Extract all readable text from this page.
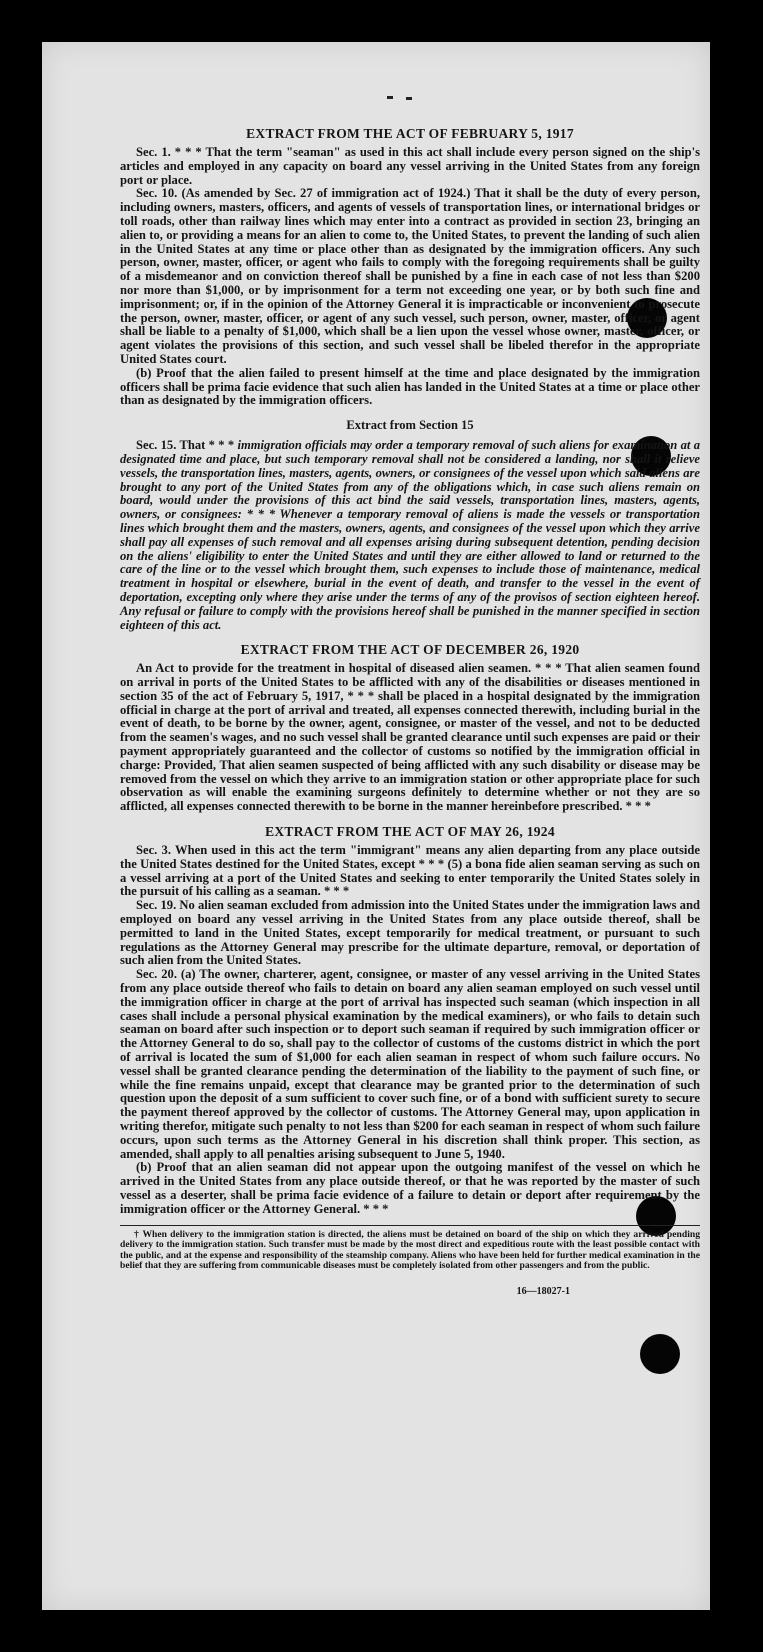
EXTRACT FROM THE ACT OF FEBRUARY 5, 1917

Sec. 1. * * * That the term "seaman" as used in this act shall include every person signed on the ship's articles and employed in any capacity on board any vessel arriving in the United States from any foreign port or place.

Sec. 10. (As amended by Sec. 27 of immigration act of 1924.) That it shall be the duty of every person, including owners, masters, officers, and agents of vessels of transportation lines, or international bridges or toll roads, other than railway lines which may enter into a contract as provided in section 23, bringing an alien to, or providing a means for an alien to come to, the United States, to prevent the landing of such alien in the United States at any time or place other than as designated by the immigration officers. Any such person, owner, master, officer, or agent who fails to comply with the foregoing requirements shall be guilty of a misdemeanor and on conviction thereof shall be punished by a fine in each case of not less than $200 nor more than $1,000, or by imprisonment for a term not exceeding one year, or by both such fine and imprisonment; or, if in the opinion of the Attorney General it is impracticable or inconvenient to prosecute the person, owner, master, officer, or agent of any such vessel, such person, owner, master, officer, or agent shall be liable to a penalty of $1,000, which shall be a lien upon the vessel whose owner, master, officer, or agent violates the provisions of this section, and such vessel shall be libeled therefor in the appropriate United States court.

(b) Proof that the alien failed to present himself at the time and place designated by the immigration officers shall be prima facie evidence that such alien has landed in the United States at a time or place other than as designated by the immigration officers.

Extract from Section 15

Sec. 15. That * * * immigration officials may order a temporary removal of such aliens for examination at a designated time and place, but such temporary removal shall not be considered a landing, nor shall it relieve vessels, the transportation lines, masters, agents, owners, or consignees of the vessel upon which said aliens are brought to any port of the United States from any of the obligations which, in case such aliens remain on board, would under the provisions of this act bind the said vessels, transportation lines, masters, agents, owners, or consignees: * * * Whenever a temporary removal of aliens is made the vessels or transportation lines which brought them and the masters, owners, agents, and consignees of the vessel upon which they arrive shall pay all expenses of such removal and all expenses arising during subsequent detention, pending decision on the aliens' eligibility to enter the United States and until they are either allowed to land or returned to the care of the line or to the vessel which brought them, such expenses to include those of maintenance, medical treatment in hospital or elsewhere, burial in the event of death, and transfer to the vessel in the event of deportation, excepting only where they arise under the terms of any of the provisos of section eighteen hereof. Any refusal or failure to comply with the provisions hereof shall be punished in the manner specified in section eighteen of this act.

EXTRACT FROM THE ACT OF DECEMBER 26, 1920

An Act to provide for the treatment in hospital of diseased alien seamen. * * * That alien seamen found on arrival in ports of the United States to be afflicted with any of the disabilities or diseases mentioned in section 35 of the act of February 5, 1917, * * * shall be placed in a hospital designated by the immigration official in charge at the port of arrival and treated, all expenses connected therewith, including burial in the event of death, to be borne by the owner, agent, consignee, or master of the vessel, and not to be deducted from the seamen's wages, and no such vessel shall be granted clearance until such expenses are paid or their payment appropriately guaranteed and the collector of customs so notified by the immigration official in charge: Provided, That alien seamen suspected of being afflicted with any such disability or disease may be removed from the vessel on which they arrive to an immigration station or other appropriate place for such observation as will enable the examining surgeons definitely to determine whether or not they are so afflicted, all expenses connected therewith to be borne in the manner hereinbefore prescribed. * * *

EXTRACT FROM THE ACT OF MAY 26, 1924

Sec. 3. When used in this act the term "immigrant" means any alien departing from any place outside the United States destined for the United States, except * * * (5) a bona fide alien seaman serving as such on a vessel arriving at a port of the United States and seeking to enter temporarily the United States solely in the pursuit of his calling as a seaman. * * *

Sec. 19. No alien seaman excluded from admission into the United States under the immigration laws and employed on board any vessel arriving in the United States from any place outside thereof, shall be permitted to land in the United States, except temporarily for medical treatment, or pursuant to such regulations as the Attorney General may prescribe for the ultimate departure, removal, or deportation of such alien from the United States.

Sec. 20. (a) The owner, charterer, agent, consignee, or master of any vessel arriving in the United States from any place outside thereof who fails to detain on board any alien seaman employed on such vessel until the immigration officer in charge at the port of arrival has inspected such seaman (which inspection in all cases shall include a personal physical examination by the medical examiners), or who fails to detain such seaman on board after such inspection or to deport such seaman if required by such immigration officer or the Attorney General to do so, shall pay to the collector of customs of the customs district in which the port of arrival is located the sum of $1,000 for each alien seaman in respect of whom such failure occurs. No vessel shall be granted clearance pending the determination of the liability to the payment of such fine, or while the fine remains unpaid, except that clearance may be granted prior to the determination of such question upon the deposit of a sum sufficient to cover such fine, or of a bond with sufficient surety to secure the payment thereof approved by the collector of customs. The Attorney General may, upon application in writing therefor, mitigate such penalty to not less than $200 for each seaman in respect of whom such failure occurs, upon such terms as the Attorney General in his discretion shall think proper. This section, as amended, shall apply to all penalties arising subsequent to June 5, 1940.

(b) Proof that an alien seaman did not appear upon the outgoing manifest of the vessel on which he arrived in the United States from any place outside thereof, or that he was reported by the master of such vessel as a deserter, shall be prima facie evidence of a failure to detain or deport after requirement by the immigration officer or the Attorney General. * * *

† When delivery to the immigration station is directed, the aliens must be detained on board of the ship on which they arrived pending delivery to the immigration station. Such transfer must be made by the most direct and expeditious route with the least possible contact with the public, and at the expense and responsibility of the steamship company. Aliens who have been held for further medical examination in the belief that they are suffering from communicable diseases must be completely isolated from other passengers and from the public.

16—18027-1
